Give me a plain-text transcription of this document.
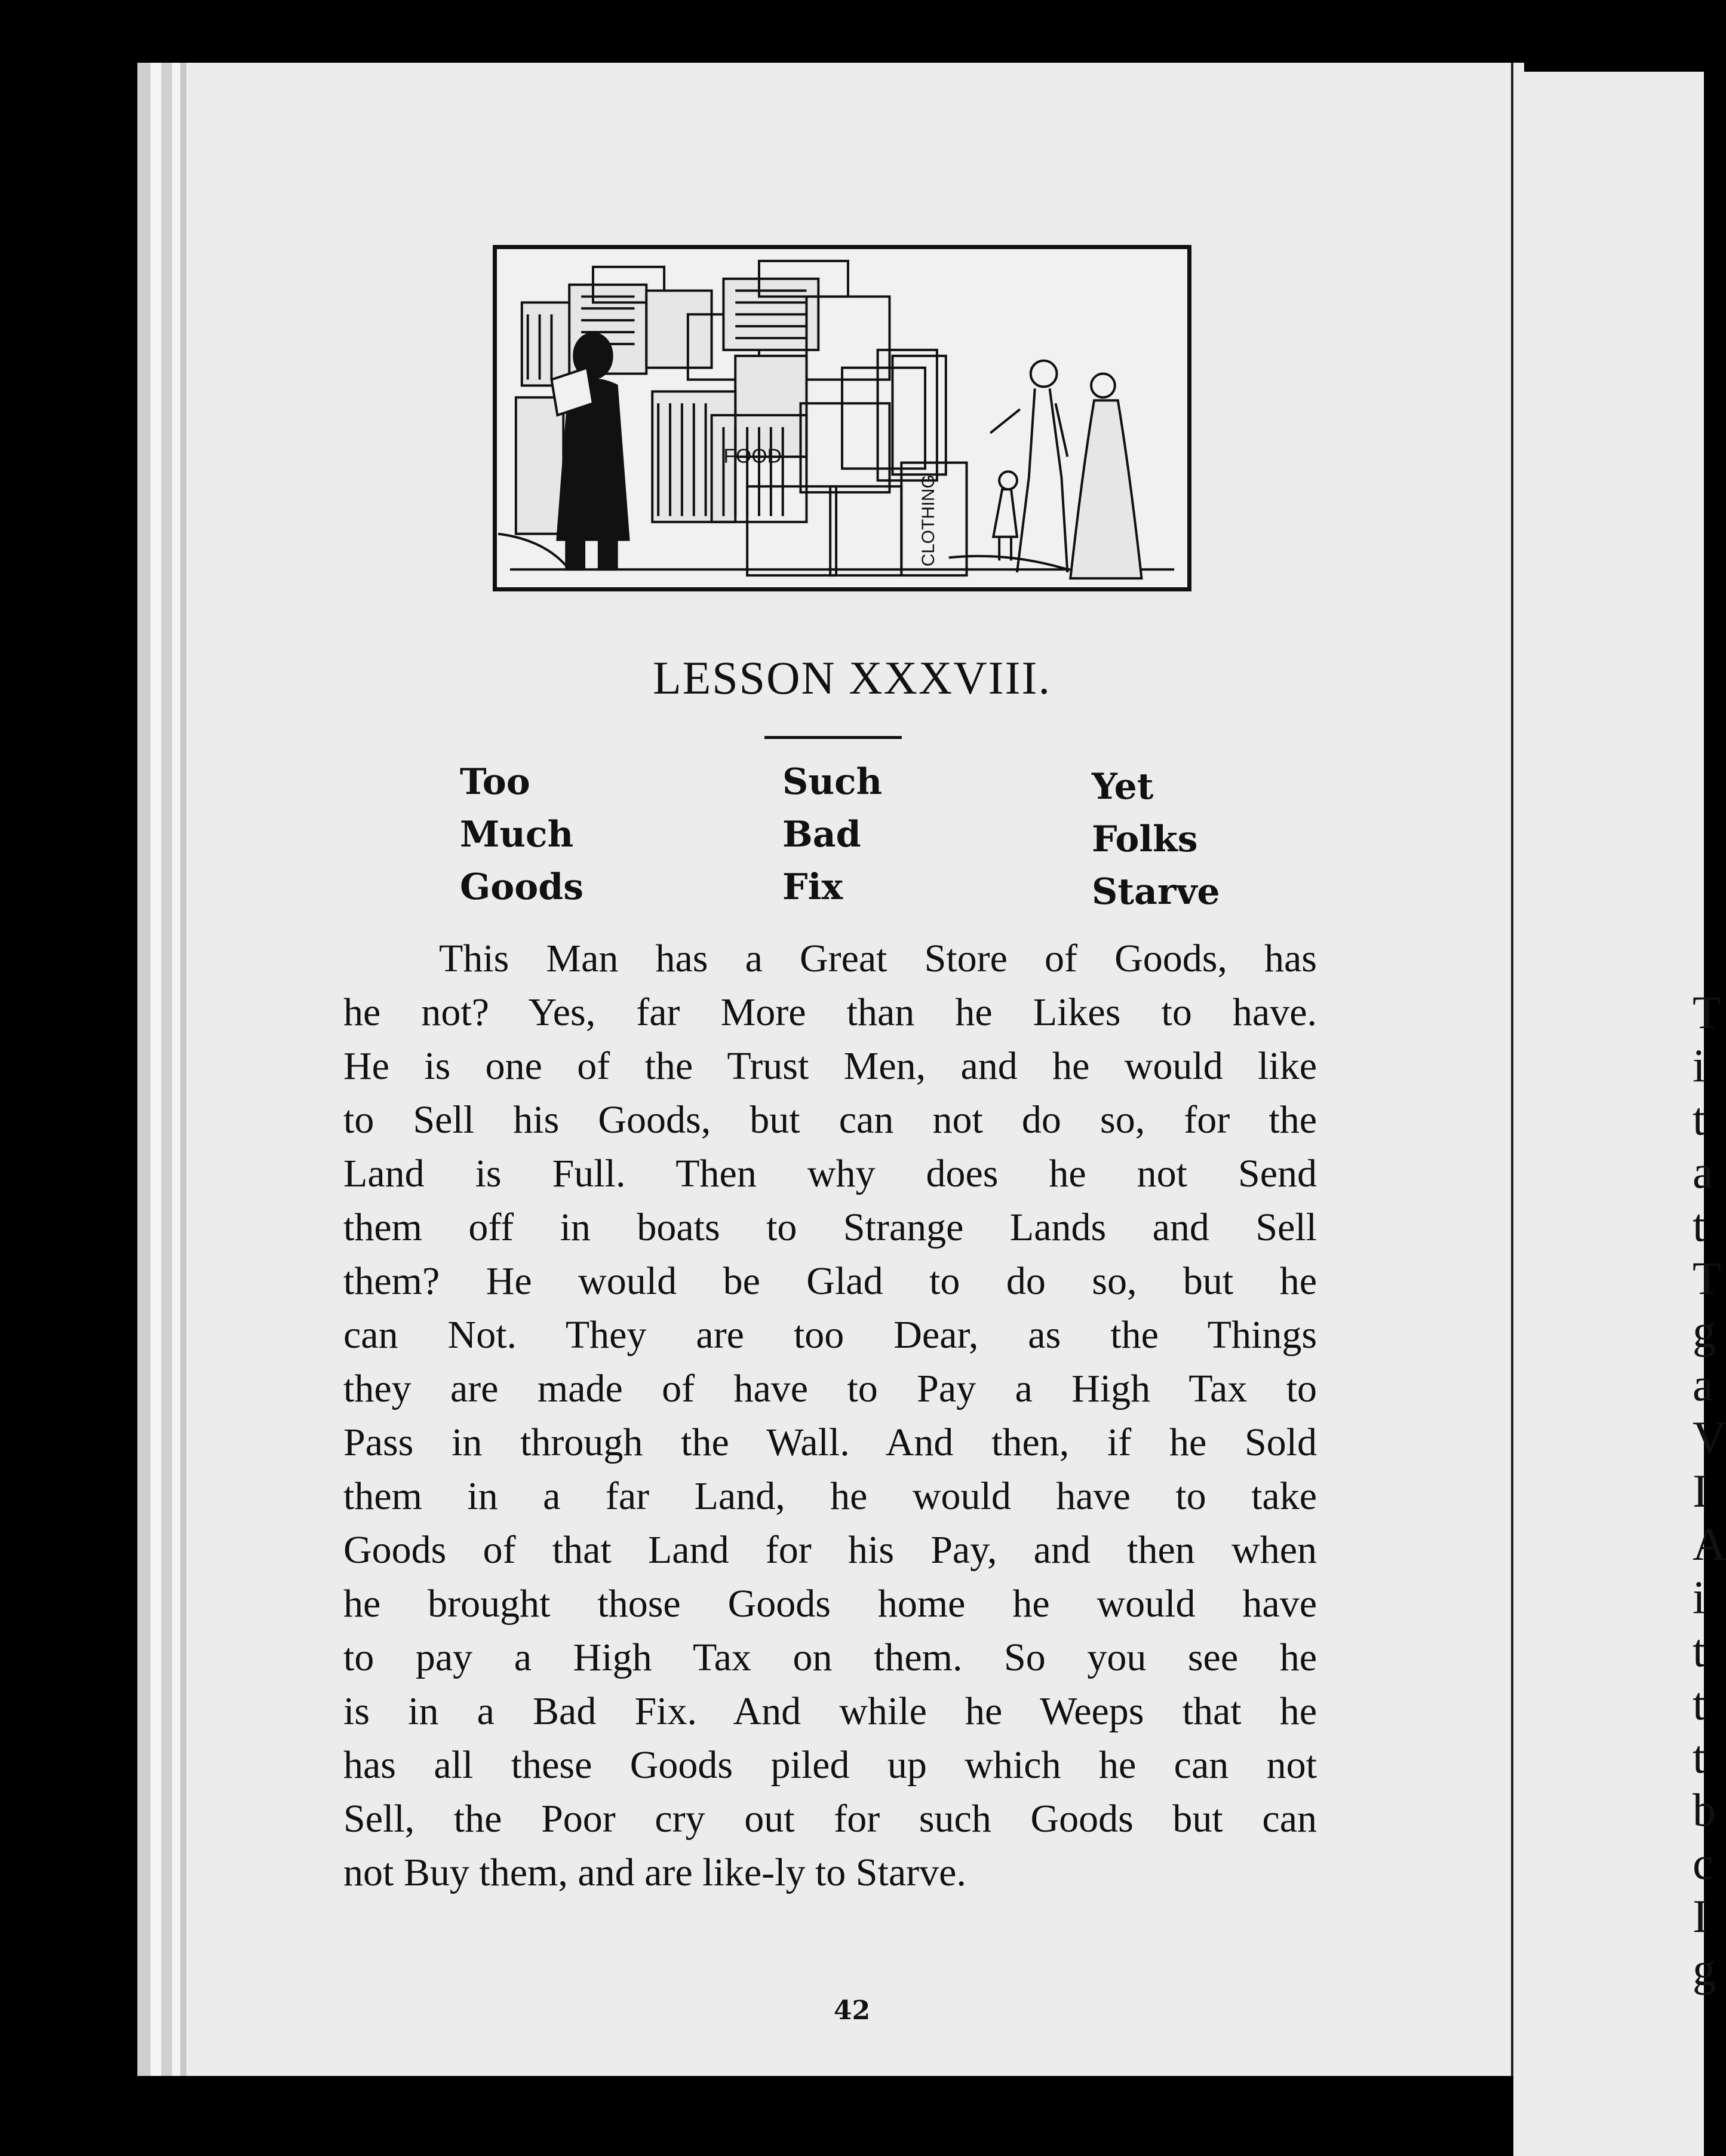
T
i
t
a
t
T
g
a
V
I
A
i
t
t
t
b
c
I
g
FOOD
CLOTHING
LESSON XXXVIII.
Too
Much
Goods
Such
Bad
Fix
Yet
Folks
Starve
This Man has a Great Store of Goods, has
he not? Yes, far More than he Likes to have.
He is one of the Trust Men, and he would like
to Sell his Goods, but can not do so, for the
Land is Full. Then why does he not Send
them off in boats to Strange Lands and Sell
them? He would be Glad to do so, but he
can Not. They are too Dear, as the Things
they are made of have to Pay a High Tax to
Pass in through the Wall. And then, if he Sold
them in a far Land, he would have to take
Goods of that Land for his Pay, and then when
he brought those Goods home he would have
to pay a High Tax on them. So you see he
is in a Bad Fix. And while he Weeps that he
has all these Goods piled up which he can not
Sell, the Poor cry out for such Goods but can
not Buy them, and are like-ly to Starve.
42
